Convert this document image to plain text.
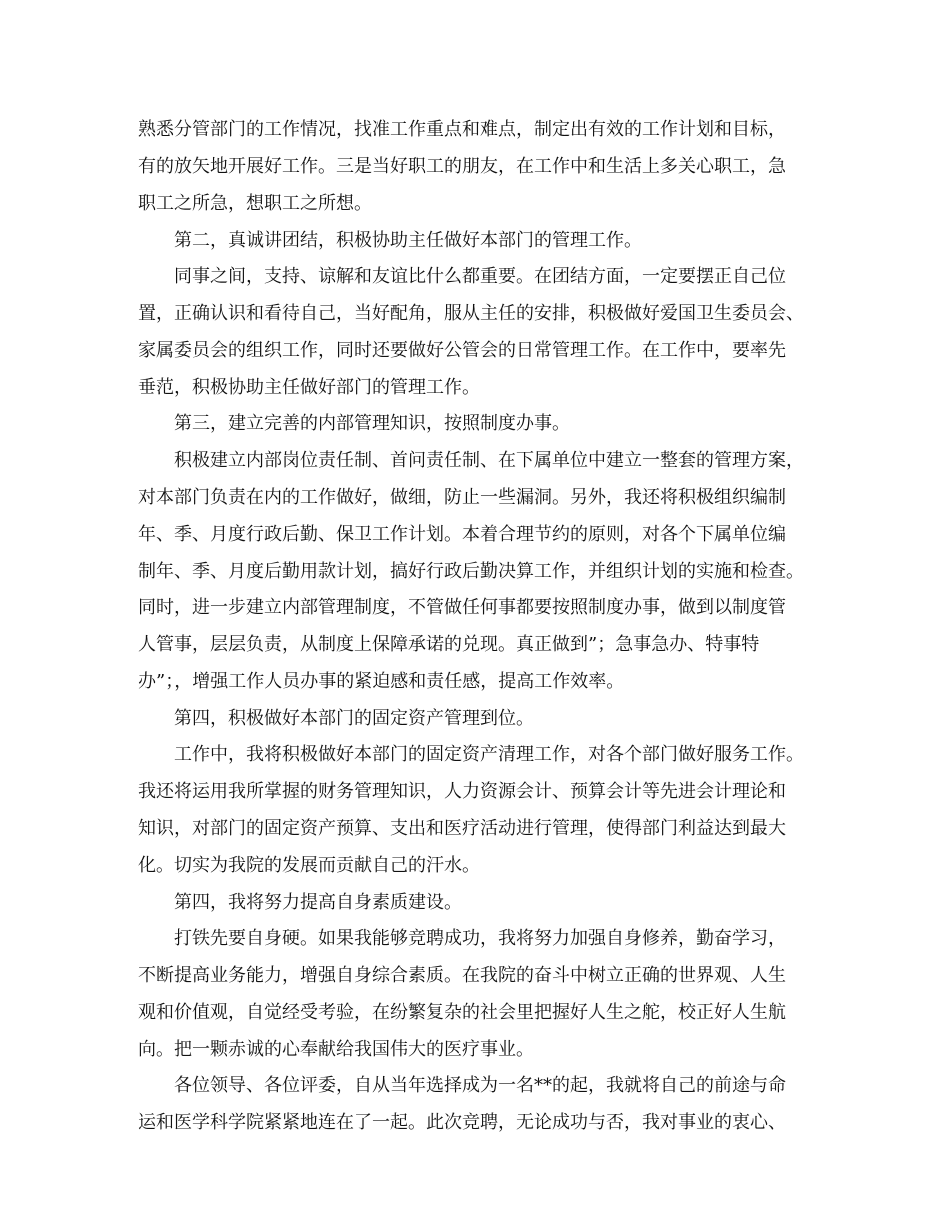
熟悉分管部门的工作情况，找准工作重点和难点，制定出有效的工作计划和目标，
有的放矢地开展好工作。三是当好职工的朋友，在工作中和生活上多关心职工，急
职工之所急，想职工之所想。
第二，真诚讲团结，积极协助主任做好本部门的管理工作。
同事之间，支持、谅解和友谊比什么都重要。在团结方面，一定要摆正自己位
置，正确认识和看待自己，当好配角，服从主任的安排，积极做好爱国卫生委员会、
家属委员会的组织工作，同时还要做好公管会的日常管理工作。在工作中，要率先
垂范，积极协助主任做好部门的管理工作。
第三，建立完善的内部管理知识，按照制度办事。
积极建立内部岗位责任制、首问责任制、在下属单位中建立一整套的管理方案，
对本部门负责在内的工作做好，做细，防止一些漏洞。另外，我还将积极组织编制
年、季、月度行政后勤、保卫工作计划。本着合理节约的原则，对各个下属单位编
制年、季、月度后勤用款计划，搞好行政后勤决算工作，并组织计划的实施和检查。
同时，进一步建立内部管理制度，不管做任何事都要按照制度办事，做到以制度管
人管事，层层负责，从制度上保障承诺的兑现。真正做到”；急事急办、特事特
办”；，增强工作人员办事的紧迫感和责任感，提高工作效率。
第四，积极做好本部门的固定资产管理到位。
工作中，我将积极做好本部门的固定资产清理工作，对各个部门做好服务工作。
我还将运用我所掌握的财务管理知识，人力资源会计、预算会计等先进会计理论和
知识，对部门的固定资产预算、支出和医疗活动进行管理，使得部门利益达到最大
化。切实为我院的发展而贡献自己的汗水。
第四，我将努力提高自身素质建设。
打铁先要自身硬。如果我能够竞聘成功，我将努力加强自身修养，勤奋学习，
不断提高业务能力，增强自身综合素质。在我院的奋斗中树立正确的世界观、人生
观和价值观，自觉经受考验，在纷繁复杂的社会里把握好人生之舵，校正好人生航
向。把一颗赤诚的心奉献给我国伟大的医疗事业。
各位领导、各位评委，自从当年选择成为一名**的起，我就将自己的前途与命
运和医学科学院紧紧地连在了一起。此次竞聘，无论成功与否，我对事业的衷心、
